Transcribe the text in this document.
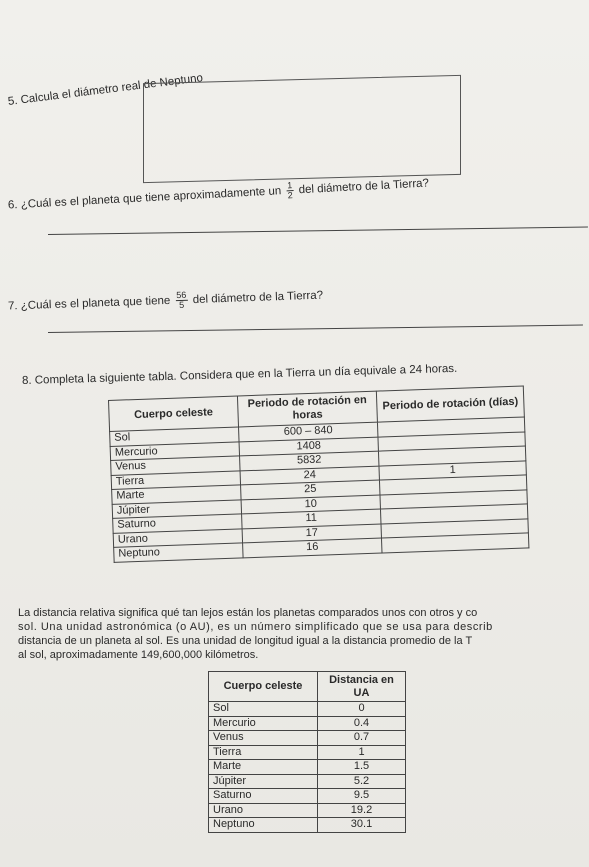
5. Calcula el diámetro real de Neptuno
6. ¿Cuál es el planeta que tiene aproximadamente un $\frac{1}{2}$ del diámetro de la Tierra?
7. ¿Cuál es el planeta que tiene $\frac{56}{5}$ del diámetro de la Tierra?
8. Completa la siguiente tabla. Considera que en la Tierra un día equivale a 24 horas.
Cuerpo celeste	Periodo de rotación en horas	Periodo de rotación (días)
Sol	600 – 840	
Mercurio	1408	
Venus	5832	
Tierra	24	1
Marte	25	
Júpiter	10	
Saturno	11	
Urano	17	
Neptuno	16	

La distancia relativa significa qué tan lejos están los planetas comparados unos con otros y co

sol. Una unidad astronómica (o AU), es un número simplificado que se usa para describ

distancia de un planeta al sol. Es una unidad de longitud igual a la distancia promedio de la T

al sol, aproximadamente 149,600,000 kilómetros.

Cuerpo celeste	Distancia en UA
Sol	0
Mercurio	0.4
Venus	0.7
Tierra	1
Marte	1.5
Júpiter	5.2
Saturno	9.5
Urano	19.2
Neptuno	30.1
